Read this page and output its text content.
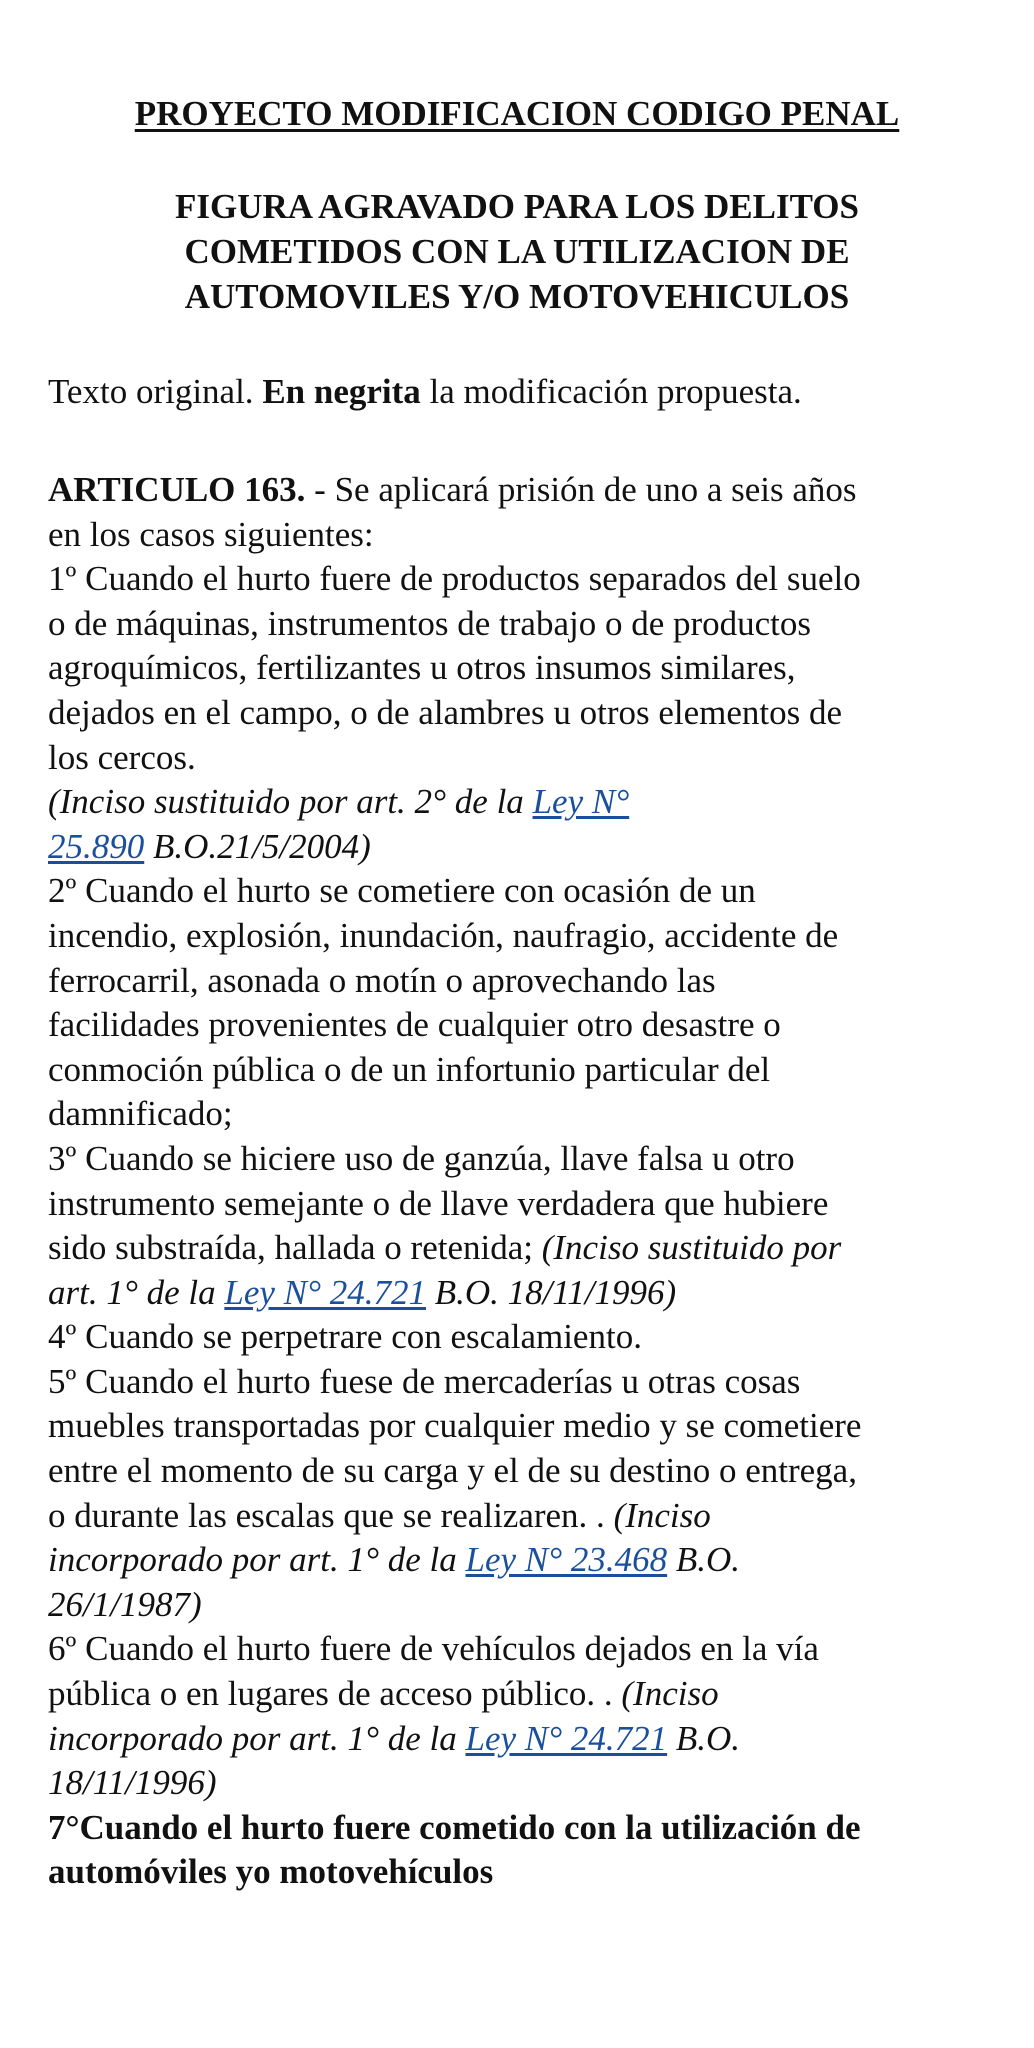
PROYECTO MODIFICACION CODIGO PENAL
FIGURA AGRAVADO PARA LOS DELITOS
COMETIDOS CON LA UTILIZACION DE
AUTOMOVILES Y/O MOTOVEHICULOS

Texto original. En negrita la modificación propuesta.

ARTICULO 163. - Se aplicará prisión de uno a seis años
en los casos siguientes:
1º Cuando el hurto fuere de productos separados del suelo
o de máquinas, instrumentos de trabajo o de productos
agroquímicos, fertilizantes u otros insumos similares,
dejados en el campo, o de alambres u otros elementos de
los cercos.
(Inciso sustituido por art. 2° de la Ley N°
25.890 B.O.21/5/2004)
2º Cuando el hurto se cometiere con ocasión de un
incendio, explosión, inundación, naufragio, accidente de
ferrocarril, asonada o motín o aprovechando las
facilidades provenientes de cualquier otro desastre o
conmoción pública o de un infortunio particular del
damnificado;
3º Cuando se hiciere uso de ganzúa, llave falsa u otro
instrumento semejante o de llave verdadera que hubiere
sido substraída, hallada o retenida; (Inciso sustituido por
art. 1° de la Ley N° 24.721 B.O. 18/11/1996)
4º Cuando se perpetrare con escalamiento.
5º Cuando el hurto fuese de mercaderías u otras cosas
muebles transportadas por cualquier medio y se cometiere
entre el momento de su carga y el de su destino o entrega,
o durante las escalas que se realizaren. . (Inciso
incorporado por art. 1° de la Ley N° 23.468 B.O.
26/1/1987)
6º Cuando el hurto fuere de vehículos dejados en la vía
pública o en lugares de acceso público. . (Inciso
incorporado por art. 1° de la Ley N° 24.721 B.O.
18/11/1996)
7°Cuando el hurto fuere cometido con la utilización de
automóviles yo motovehículos
